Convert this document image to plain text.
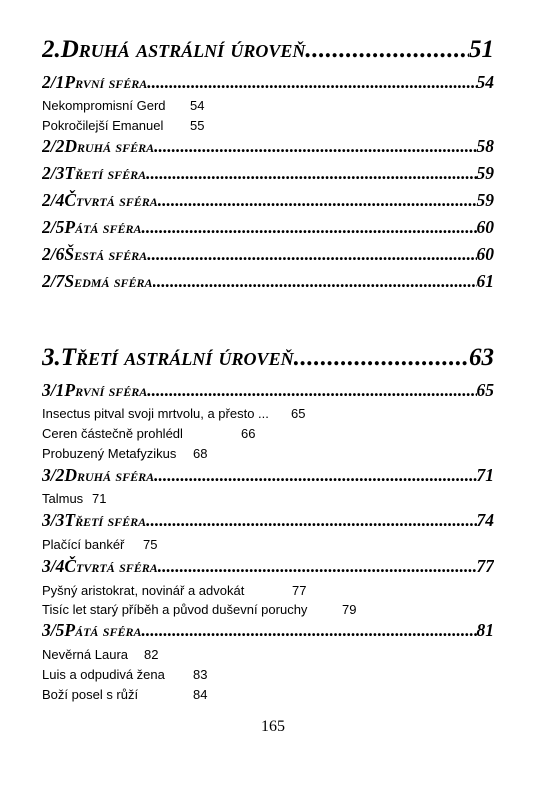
2. Druhá astrální úroveň .....	51
2/1 První sféra .....	54
Nekompromisní Gerd 54
Pokročilejší Emanuel 55
2/2 Druhá sféra .....	58
2/3 Třetí sféra .....	59
2/4 Čtvrtá sféra .....	59
2/5 Pátá sféra .....	60
2/6 Šestá sféra .....	60
2/7 Sedmá sféra .....	61
3. Třetí astrální úroveň .....	63
3/1 První sféra .....	65
Insectus pitval svoji mrtvolu, a přesto ... 65
Ceren částečně prohlédl	66
Probuzený Metafyzikus 68
3/2 Druhá sféra .....	71
Talmus 71
3/3 Třetí sféra .....	74
Plačící bankéř 75
3/4 Čtvrtá sféra .....	77
Pyšný aristokrat, novinář a advokát	77
Tisíc let starý příběh a původ duševní poruchy	79
3/5 Pátá sféra .....	81
Nevěrná Laura 82
Luis a odpudivá žena 83
Boží posel s růží	84
165
